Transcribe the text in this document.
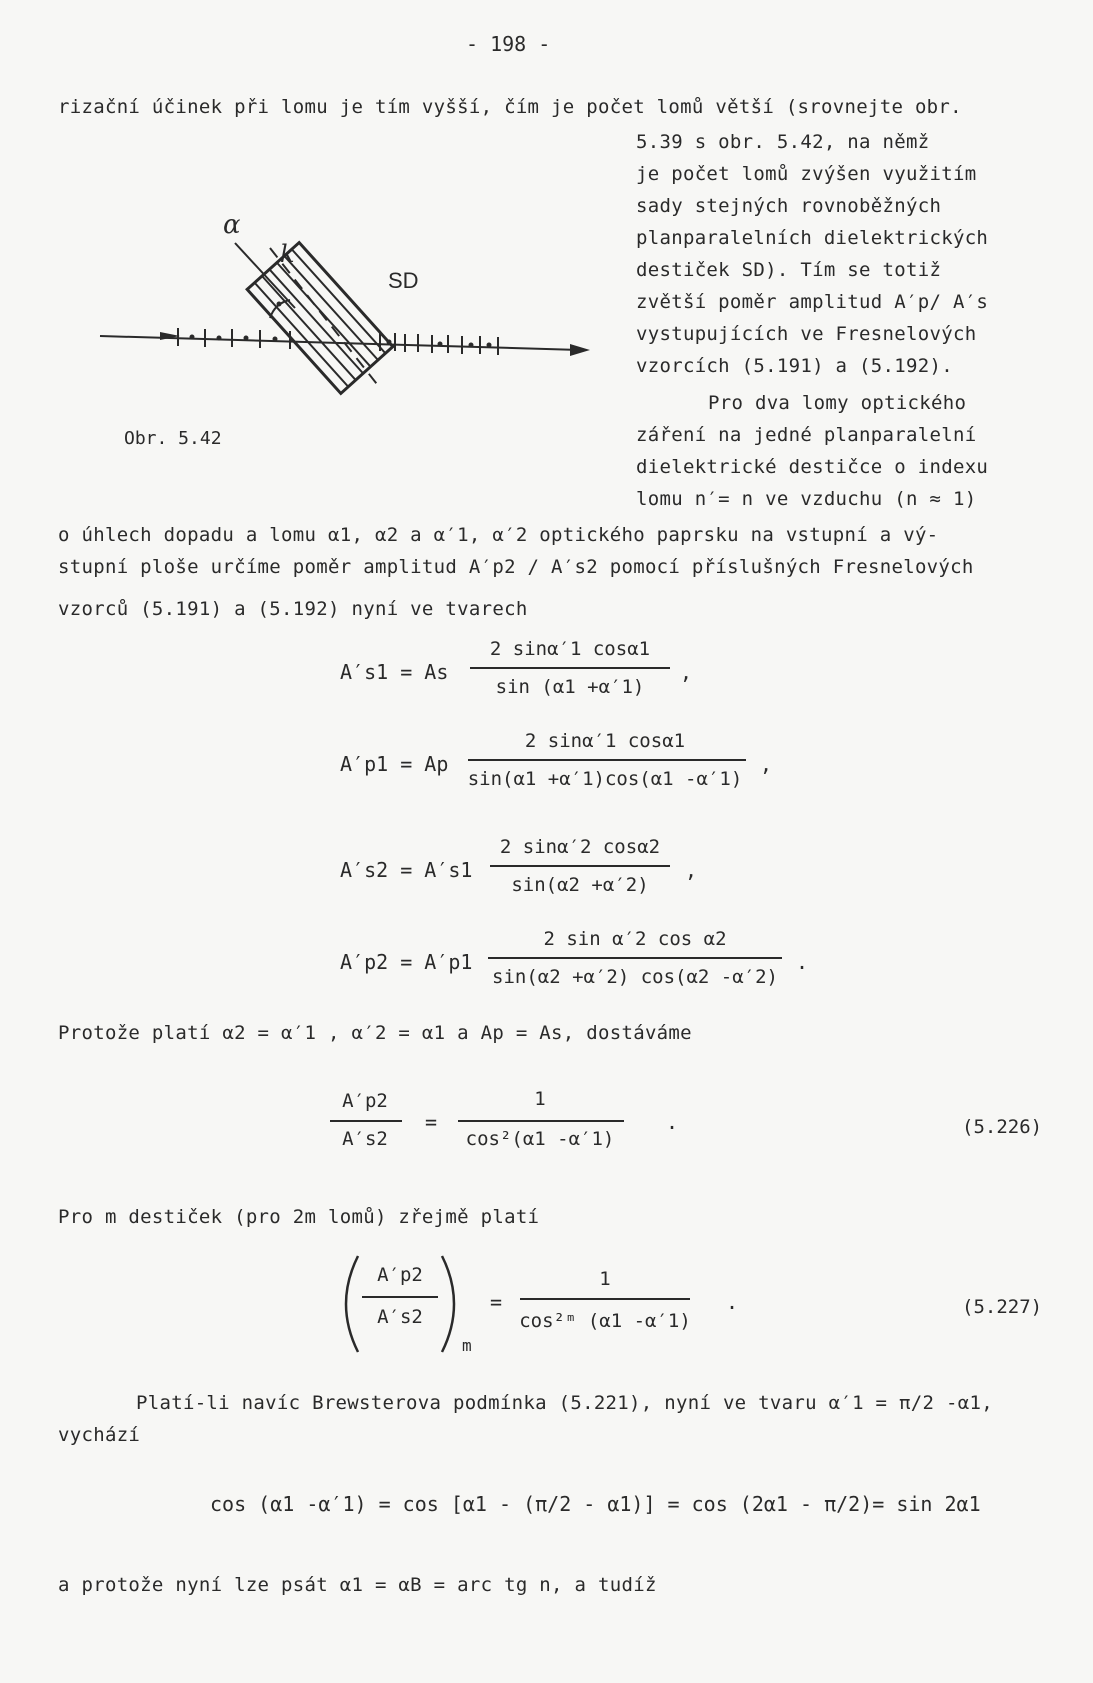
- 198 -
rizační účinek při lomu je tím vyšší, čím je počet lomů větší (srovnejte obr.
5.39 s obr. 5.42, na němž
je počet lomů zvýšen využitím
sady stejných rovnoběžných
planparalelních dielektrických
destiček SD). Tím se totiž
zvětší poměr amplitud A′p/ A′s
vystupujících ve Fresnelových
vzorcích (5.191) a (5.192).
Pro dva lomy optického
záření na jedné planparalelní
dielektrické destičce o indexu
lomu n′= n ve vzduchu (n ≈ 1)
o úhlech dopadu a lomu α1, α2 a α′1, α′2 optického paprsku na vstupní a vý-
stupní ploše určíme poměr amplitud A′p2 / A′s2 pomocí příslušných Fresnelových
vzorců (5.191) a (5.192) nyní ve tvarech
α
k
SD
Obr. 5.42
A′s1 = As
2 sinα′1 cosα1
sin (α1 +α′1)
,
A′p1 = Ap
2 sinα′1 cosα1
sin(α1 +α′1)cos(α1 -α′1)
,
A′s2 = A′s1
2 sinα′2 cosα2
sin(α2 +α′2)
,
A′p2 = A′p1
2 sin α′2 cos α2
sin(α2 +α′2) cos(α2 -α′2)
.
Protože platí α2 = α′1 , α′2 = α1 a Ap = As, dostáváme
A′p2
A′s2
=
1
cos²(α1 -α′1)
.	(5.226)
Pro m destiček (pro 2m lomů) zřejmě platí
A′p2
A′s2
m
=
1
cos²ᵐ (α1 -α′1)
.	(5.227)
Platí-li navíc Brewsterova podmínka (5.221), nyní ve tvaru α′1 = π/2 -α1,
vychází
cos (α1 -α′1) = cos [α1 - (π/2 - α1)] = cos (2α1 - π/2)= sin 2α1
a protože nyní lze psát α1 = αB = arc tg n, a tudíž
